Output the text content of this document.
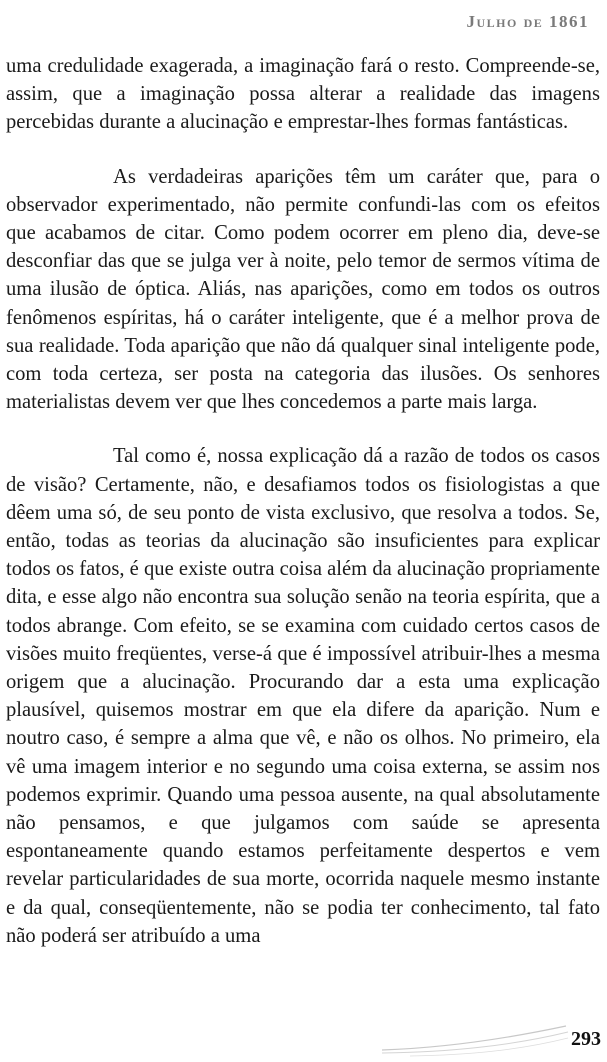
Julho de 1861

uma credulidade exagerada, a imaginação fará o resto. Compreende-se, assim, que a imaginação possa alterar a realidade das imagens percebidas durante a alucinação e emprestar-lhes formas fantásticas.

As verdadeiras aparições têm um caráter que, para o observador experimentado, não permite confundi-las com os efeitos que acabamos de citar. Como podem ocorrer em pleno dia, deve-se desconfiar das que se julga ver à noite, pelo temor de sermos vítima de uma ilusão de óptica. Aliás, nas aparições, como em todos os outros fenômenos espíritas, há o caráter inteligente, que é a melhor prova de sua realidade. Toda aparição que não dá qualquer sinal inteligente pode, com toda certeza, ser posta na categoria das ilusões. Os senhores materialistas devem ver que lhes concedemos a parte mais larga.

Tal como é, nossa explicação dá a razão de todos os casos de visão? Certamente, não, e desafiamos todos os fisiologistas a que dêem uma só, de seu ponto de vista exclusivo, que resolva a todos. Se, então, todas as teorias da alucinação são insuficientes para explicar todos os fatos, é que existe outra coisa além da alucinação propriamente dita, e esse algo não encontra sua solução senão na teoria espírita, que a todos abrange. Com efeito, se se examina com cuidado certos casos de visões muito freqüentes, verse-á que é impossível atribuir-lhes a mesma origem que a alucinação. Procurando dar a esta uma explicação plausível, quisemos mostrar em que ela difere da aparição. Num e noutro caso, é sempre a alma que vê, e não os olhos. No primeiro, ela vê uma imagem interior e no segundo uma coisa externa, se assim nos podemos exprimir. Quando uma pessoa ausente, na qual absolutamente não pensamos, e que julgamos com saúde se apresenta espontaneamente quando estamos perfeitamente despertos e vem revelar particularidades de sua morte, ocorrida naquele mesmo instante e da qual, conseqüentemente, não se podia ter conhecimento, tal fato não poderá ser atribuído a uma

293
